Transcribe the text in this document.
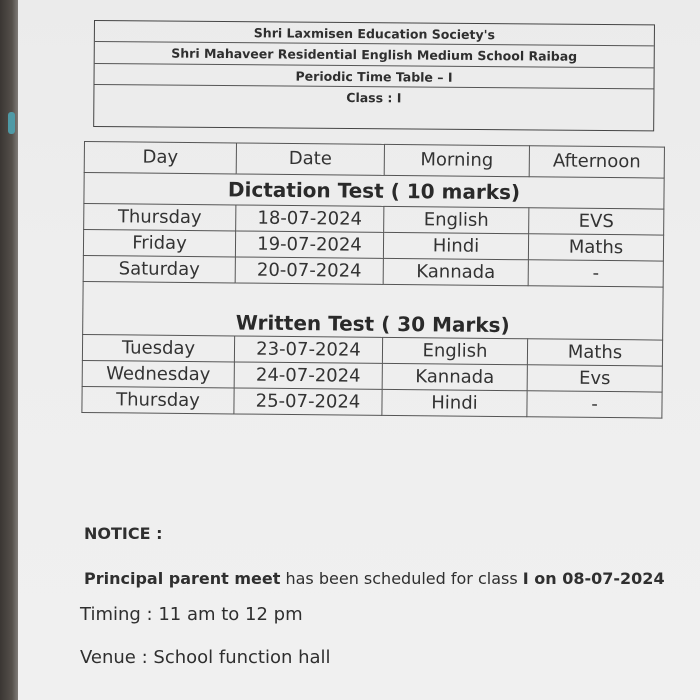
Shri Laxmisen Education Society's
Shri Mahaveer Residential English Medium School Raibag
Periodic Time Table – I
Class : I
Day	Date	Morning	Afternoon
Dictation Test ( 10 marks)			
Thursday	18-07-2024	English	EVS
Friday	19-07-2024	Hindi	Maths
Saturday	20-07-2024	Kannada	-
Written Test ( 30 Marks)			
Tuesday	23-07-2024	English	Maths
Wednesday	24-07-2024	Kannada	Evs
Thursday	25-07-2024	Hindi	-
NOTICE :
Principal parent meet has been scheduled for class I on 08-07-2024
Timing : 11 am to 12 pm
Venue : School function hall
